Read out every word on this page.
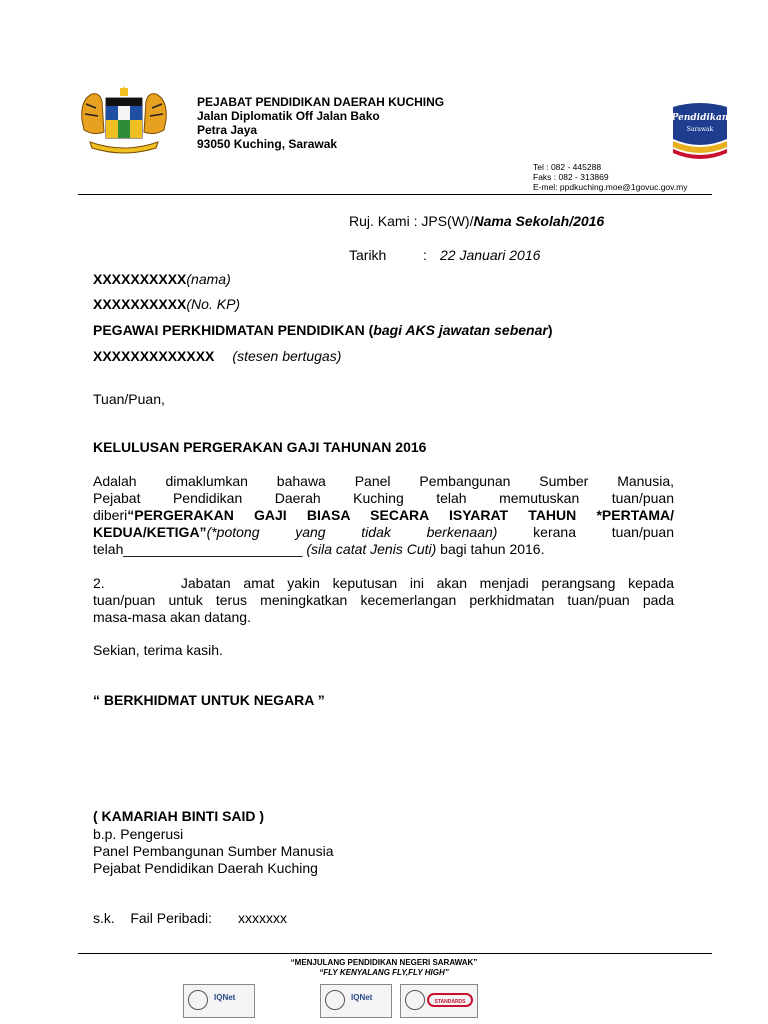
PEJABAT PENDIDIKAN DAERAH KUCHING
Jalan Diplomatik Off Jalan Bako
Petra Jaya
93050 Kuching, Sarawak
Pendidikan
Sarawak
Tel : 082 - 445288
Faks : 082 - 313869
E-mel: ppdkuching.moe@1govuc.gov.my
Ruj. Kami : JPS(W)/Nama Sekolah/2016
Tarikh	: 22 Januari 2016
XXXXXXXXXX(nama)
XXXXXXXXXX(No. KP)
PEGAWAI PERKHIDMATAN PENDIDIKAN (bagi AKS jawatan sebenar)
XXXXXXXXXXXXX (stesen bertugas)
Tuan/Puan,
KELULUSAN PERGERAKAN GAJI TAHUNAN 2016
Adalah dimaklumkan bahawa Panel Pembangunan Sumber Manusia,
Pejabat Pendidikan Daerah Kuching telah memutuskan tuan/puan
diberi“PERGERAKAN GAJI BIASA SECARA ISYARAT TAHUN *PERTAMA/
KEDUA/KETIGA”(*potong yang tidak berkenaan) kerana tuan/puan
telah_______________________ (sila catat Jenis Cuti) bagi tahun 2016.
2.      Jabatan amat yakin keputusan ini akan menjadi perangsang kepada
tuan/puan untuk terus meningkatkan kecemerlangan perkhidmatan tuan/puan pada
masa-masa akan datang.
Sekian, terima kasih.
“ BERKHIDMAT UNTUK NEGARA ”
( KAMARIAH BINTI SAID )
b.p. Pengerusi
Panel Pembangunan Sumber Manusia
Pejabat Pendidikan Daerah Kuching
s.k.    Fail Peribadi: xxxxxxx
“MENJULANG PENDIDIKAN NEGERI SARAWAK”
“FLY KENYALANG FLY,FLY HIGH”
IQNet	IQNet	STANDARDS
